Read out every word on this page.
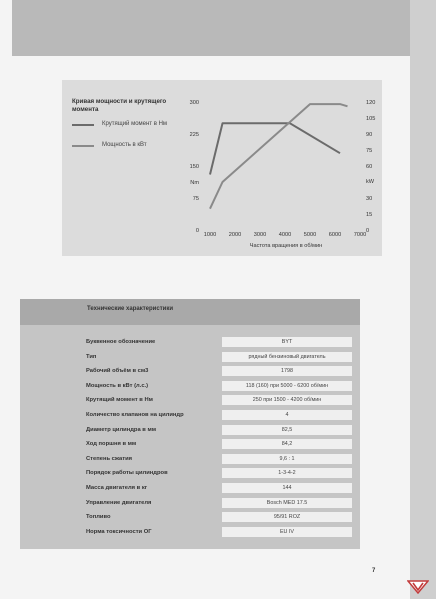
Кривая мощности и крутящего
момента
Крутящий момент в Нм
Мощность в кВт
300
225
150
75
0
Nm
120
105
90
75
60
30
15
0
kW
1000 2000 3000 4000 5000 6000 7000
Частота вращения в об/мин
Технические характеристики
Буквенное обозначение	BYT
Тип	рядный бензиновый двигатель
Рабочий объём в см3	1798
Мощность в кВт (л.с.)	118 (160) при 5000 - 6200 об/мин
Крутящий момент в Нм	250 при 1500 - 4200 об/мин
Количество клапанов на цилиндр	4
Диаметр цилиндра в мм	82,5
Ход поршня в мм	84,2
Степень сжатия	9,6 : 1
Порядок работы цилиндров	1-3-4-2
Масса двигателя в кг	144
Управление двигателя	Bosch MED 17.5
Топливо	95/91 ROZ
Норма токсичности ОГ	EU IV
7
